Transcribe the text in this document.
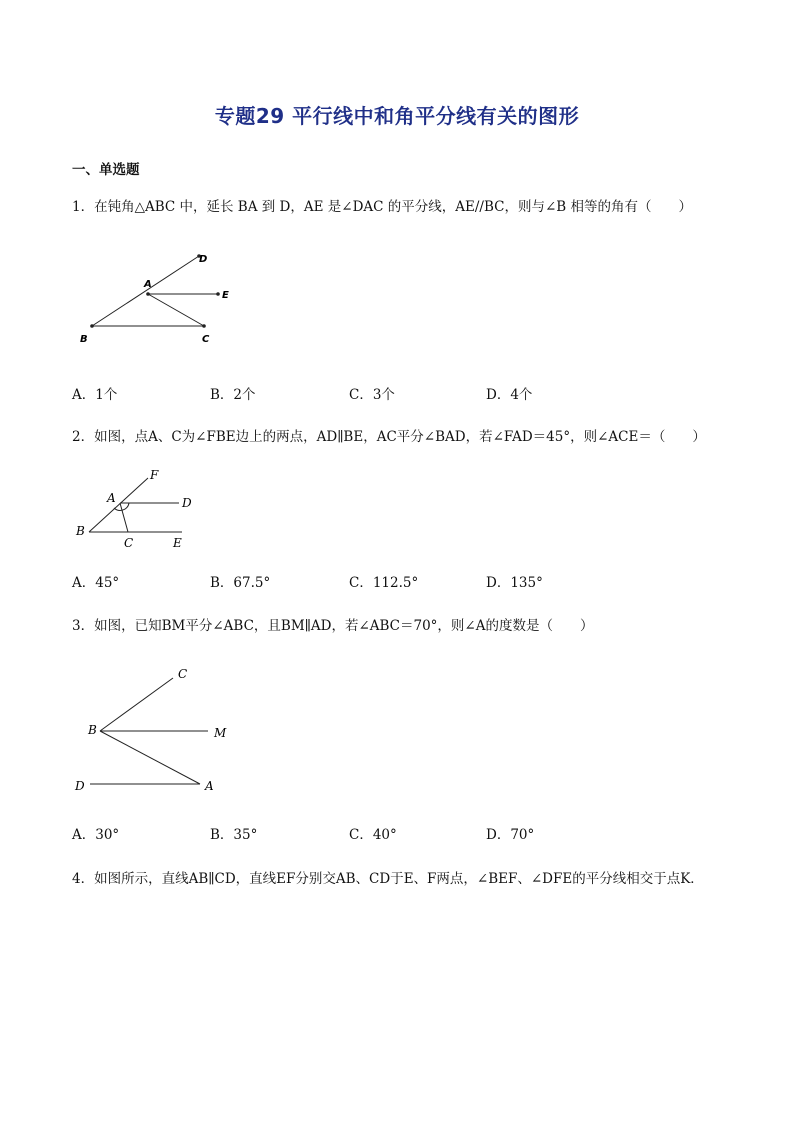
专题29 平行线中和角平分线有关的图形
一、单选题
1．在钝角△ABC 中，延长 BA 到 D，AE 是∠DAC 的平分线，AE//BC，则与∠B 相等的角有（　　）
D
A
E
B	C
A．1个	B．2个	C．3个	D．4个
2．如图，点A、C为∠FBE边上的两点，AD∥BE，AC平分∠BAD，若∠FAD＝45°，则∠ACE＝（　　）
F
A	D
B
C	E
A．45°	B．67.5°	C．112.5°	D．135°
3．如图，已知BM平分∠ABC，且BM∥AD，若∠ABC＝70°，则∠A的度数是（　　）
C
B	M
D	A
A．30°	B．35°	C．40°	D．70°
4．如图所示，直线AB∥CD，直线EF分别交AB、CD于E、F两点，∠BEF、∠DFE的平分线相交于点K．
